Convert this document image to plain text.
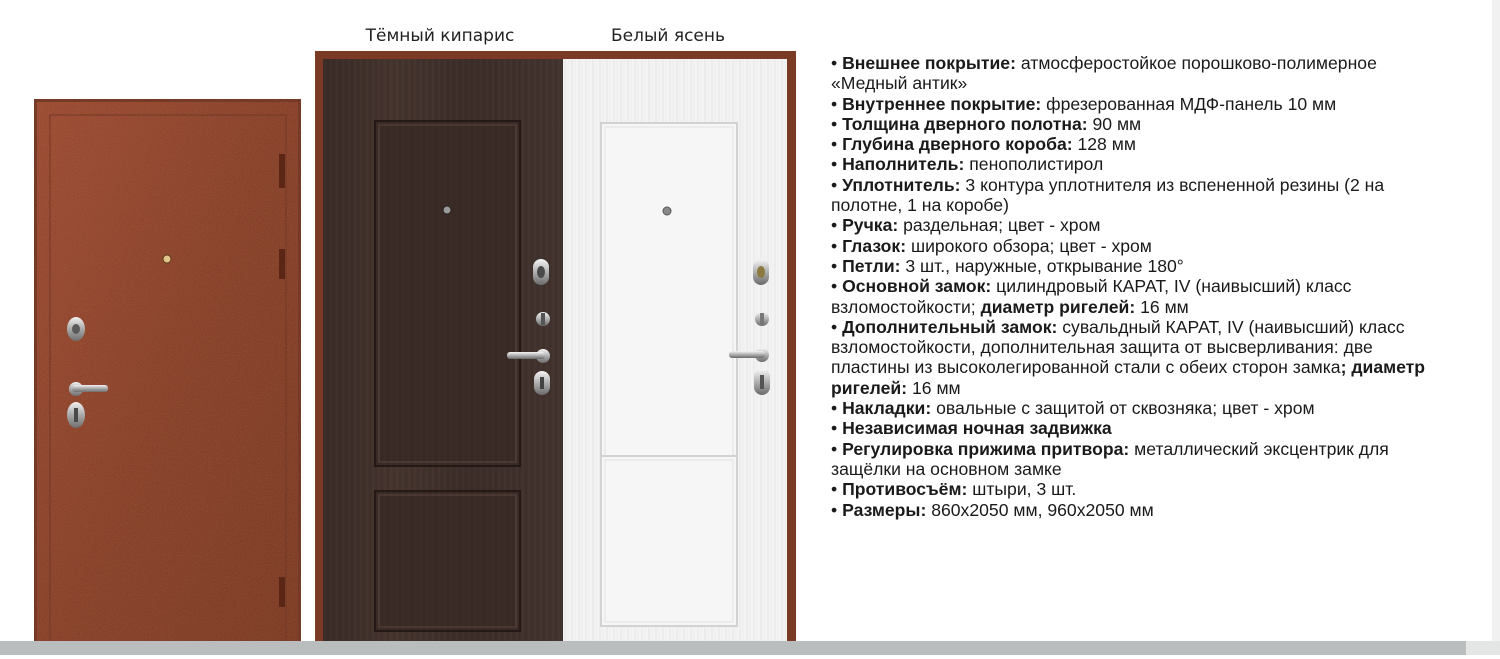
Тёмный кипарис	Белый ясень
• Внешнее покрытие: атмосферостойкое порошково-полимерное «Медный антик»
• Внутреннее покрытие: фрезерованная МДФ-панель 10 мм
• Толщина дверного полотна: 90 мм
• Глубина дверного короба: 128 мм
• Наполнитель: пенополистирол
• Уплотнитель: 3 контура уплотнителя из вспененной резины (2 на полотне, 1 на коробе)
• Ручка: раздельная; цвет - хром
• Глазок: широкого обзора; цвет - хром
• Петли: 3 шт., наружные, открывание 180°
• Основной замок: цилиндровый КАРАТ, IV (наивысший) класс взломостойкости; диаметр ригелей: 16 мм
• Дополнительный замок: сувальдный КАРАТ, IV (наивысший) класс взломостойкости, дополнительная защита от высверливания: две пластины из высоколегированной стали с обеих сторон замка; диаметр ригелей: 16 мм
• Накладки: овальные с защитой от сквозняка; цвет - хром
• Независимая ночная задвижка
• Регулировка прижима притвора: металлический эксцентрик для защёлки на основном замке
• Противосъём: штыри, 3 шт.
• Размеры: 860х2050 мм, 960х2050 мм
